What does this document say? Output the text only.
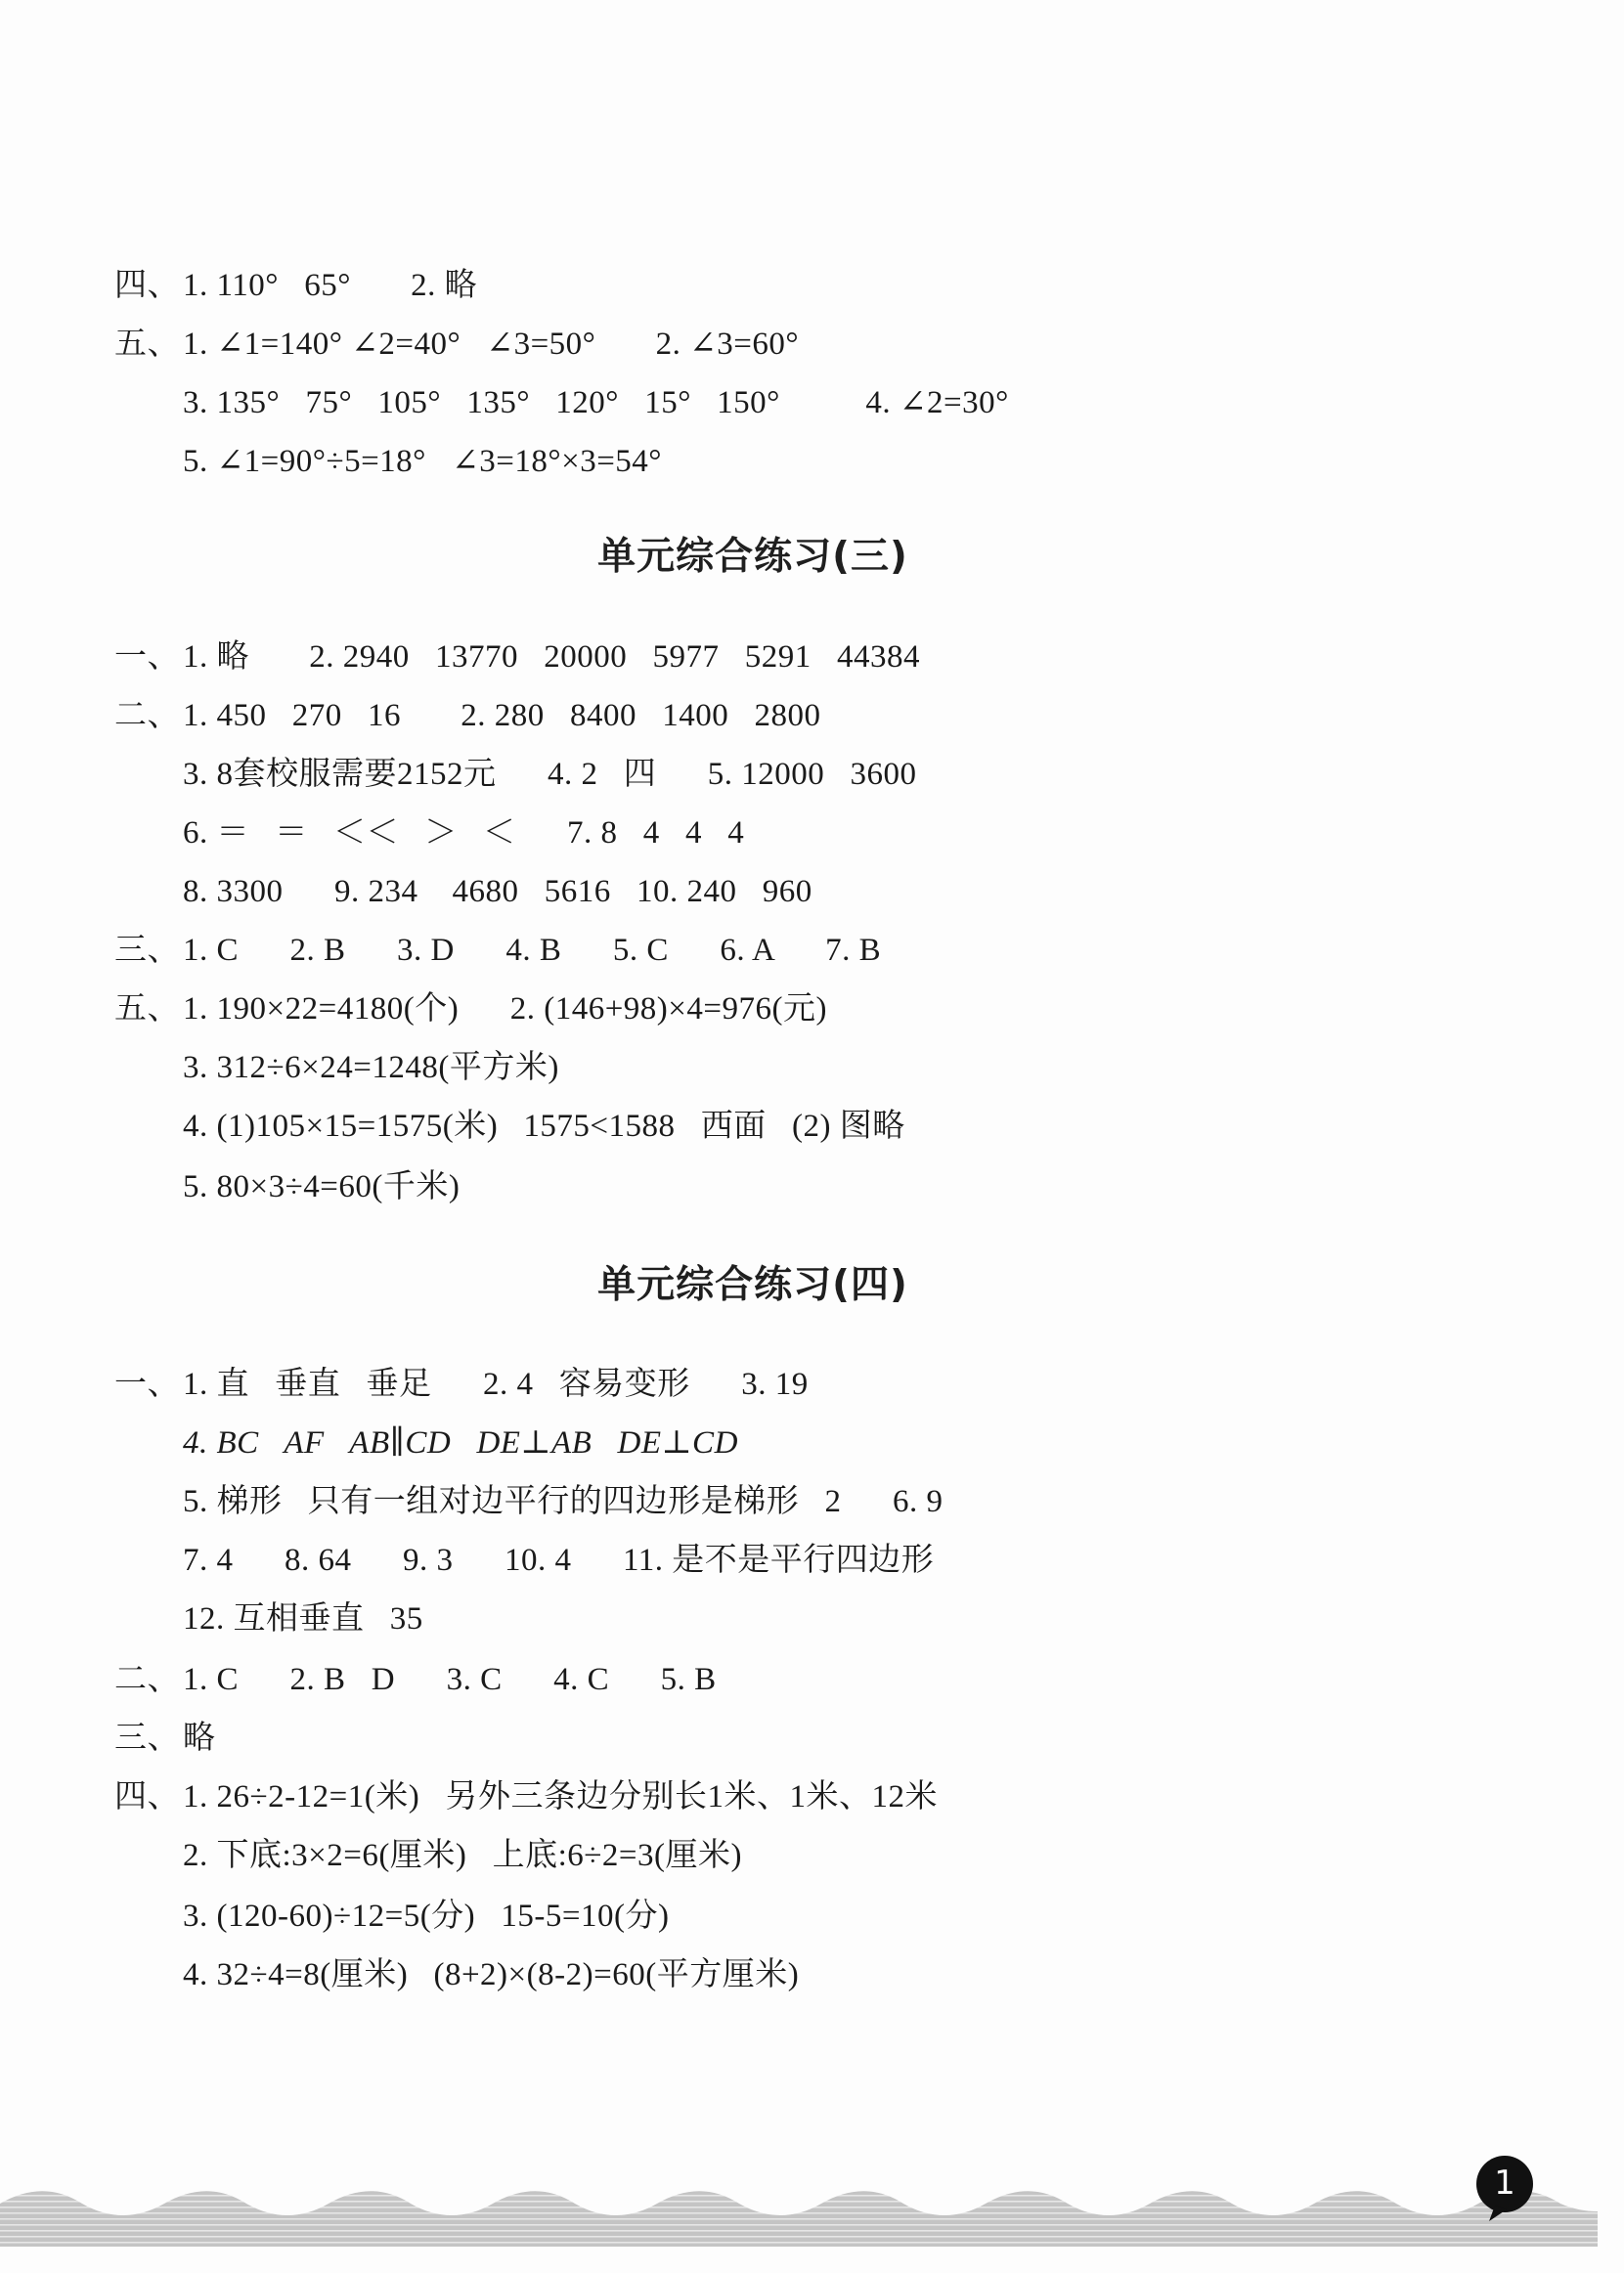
四、1. 110°   65°       2. 略
五、1. ∠1=140° ∠2=40°   ∠3=50°       2. ∠3=60°
3. 135°   75°   105°   135°   120°   15°   150°          4. ∠2=30°
5. ∠1=90°÷5=18°   ∠3=18°×3=54°
单元综合练习(三)
一、1. 略       2. 2940   13770   20000   5977   5291   44384
二、1. 450   270   16       2. 280   8400   1400   2800
3. 8套校服需要2152元      4. 2   四      5. 12000   3600
6. ＝   ＝   ＜＜   ＞   ＜      7. 8   4   4   4
8. 3300      9. 234    4680   5616   10. 240   960
三、1. C      2. B      3. D      4. B      5. C      6. A      7. B
五、1. 190×22=4180(个)      2. (146+98)×4=976(元)
3. 312÷6×24=1248(平方米)
4. (1)105×15=1575(米)   1575<1588   西面   (2) 图略
5. 80×3÷4=60(千米)
单元综合练习(四)
一、1. 直   垂直   垂足      2. 4   容易变形      3. 19
4. BC   AF   AB∥CD   DE⊥AB   DE⊥CD
5. 梯形   只有一组对边平行的四边形是梯形   2      6. 9
7. 4      8. 64      9. 3      10. 4      11. 是不是平行四边形
12. 互相垂直   35
二、1. C      2. B   D      3. C      4. C      5. B
三、略
四、1. 26÷2-12=1(米)   另外三条边分别长1米、1米、12米
2. 下底:3×2=6(厘米)   上底:6÷2=3(厘米)
3. (120-60)÷12=5(分)   15-5=10(分)
4. 32÷4=8(厘米)   (8+2)×(8-2)=60(平方厘米)
1
